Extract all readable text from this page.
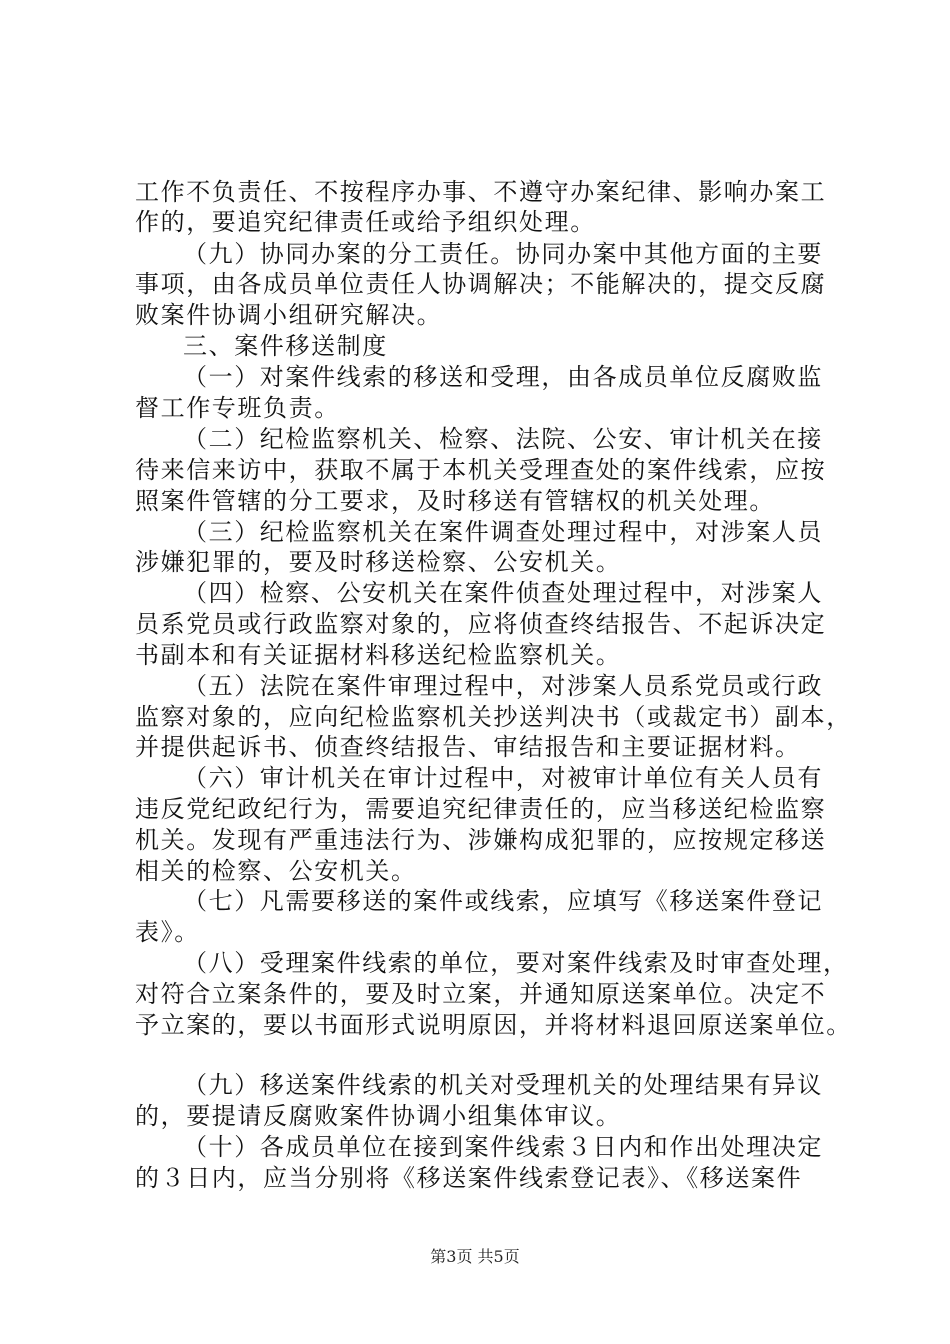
工作不负责任、不按程序办事、不遵守办案纪律、影响办案工
作的，要追究纪律责任或给予组织处理。
（九）协同办案的分工责任。协同办案中其他方面的主要
事项，由各成员单位责任人协调解决；不能解决的，提交反腐
败案件协调小组研究解决。
三、案件移送制度
（一）对案件线索的移送和受理，由各成员单位反腐败监
督工作专班负责。
（二）纪检监察机关、检察、法院、公安、审计机关在接
待来信来访中，获取不属于本机关受理查处的案件线索，应按
照案件管辖的分工要求，及时移送有管辖权的机关处理。
（三）纪检监察机关在案件调查处理过程中，对涉案人员
涉嫌犯罪的，要及时移送检察、公安机关。
（四）检察、公安机关在案件侦查处理过程中，对涉案人
员系党员或行政监察对象的，应将侦查终结报告、不起诉决定
书副本和有关证据材料移送纪检监察机关。
（五）法院在案件审理过程中，对涉案人员系党员或行政
监察对象的，应向纪检监察机关抄送判决书（或裁定书）副本，
并提供起诉书、侦查终结报告、审结报告和主要证据材料。
（六）审计机关在审计过程中，对被审计单位有关人员有
违反党纪政纪行为，需要追究纪律责任的，应当移送纪检监察
机关。发现有严重违法行为、涉嫌构成犯罪的，应按规定移送
相关的检察、公安机关。
（七）凡需要移送的案件或线索，应填写《移送案件登记
表》。
（八）受理案件线索的单位，要对案件线索及时审查处理，
对符合立案条件的，要及时立案，并通知原送案单位。决定不
予立案的，要以书面形式说明原因，并将材料退回原送案单位。
（九）移送案件线索的机关对受理机关的处理结果有异议
的，要提请反腐败案件协调小组集体审议。
（十）各成员单位在接到案件线索３日内和作出处理决定
的３日内，应当分别将《移送案件线索登记表》、《移送案件
第3页 共5页
